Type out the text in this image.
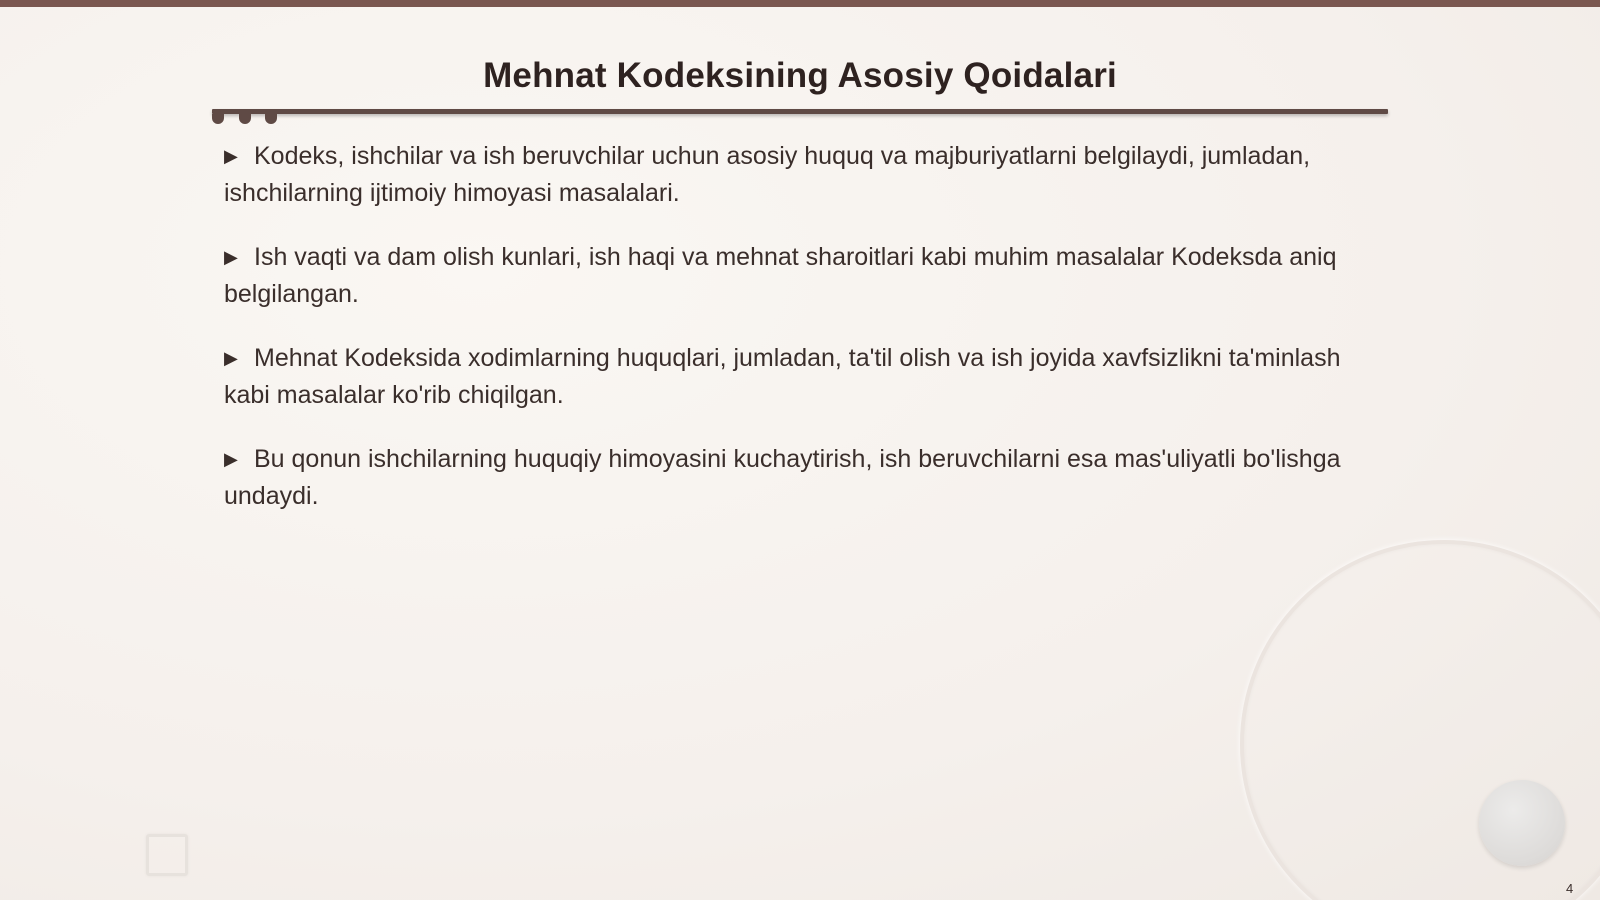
Mehnat Kodeksining Asosiy Qoidalari
▶ Kodeks, ishchilar va ish beruvchilar uchun asosiy huquq va majburiyatlarni belgilaydi, jumladan, ishchilarning ijtimoiy himoyasi masalalari.
▶ Ish vaqti va dam olish kunlari, ish haqi va mehnat sharoitlari kabi muhim masalalar Kodeksda aniq belgilangan.
▶ Mehnat Kodeksida xodimlarning huquqlari, jumladan, ta'til olish va ish joyida xavfsizlikni ta'minlash kabi masalalar ko'rib chiqilgan.
▶ Bu qonun ishchilarning huquqiy himoyasini kuchaytirish, ish beruvchilarni esa mas'uliyatli bo'lishga undaydi.
4
